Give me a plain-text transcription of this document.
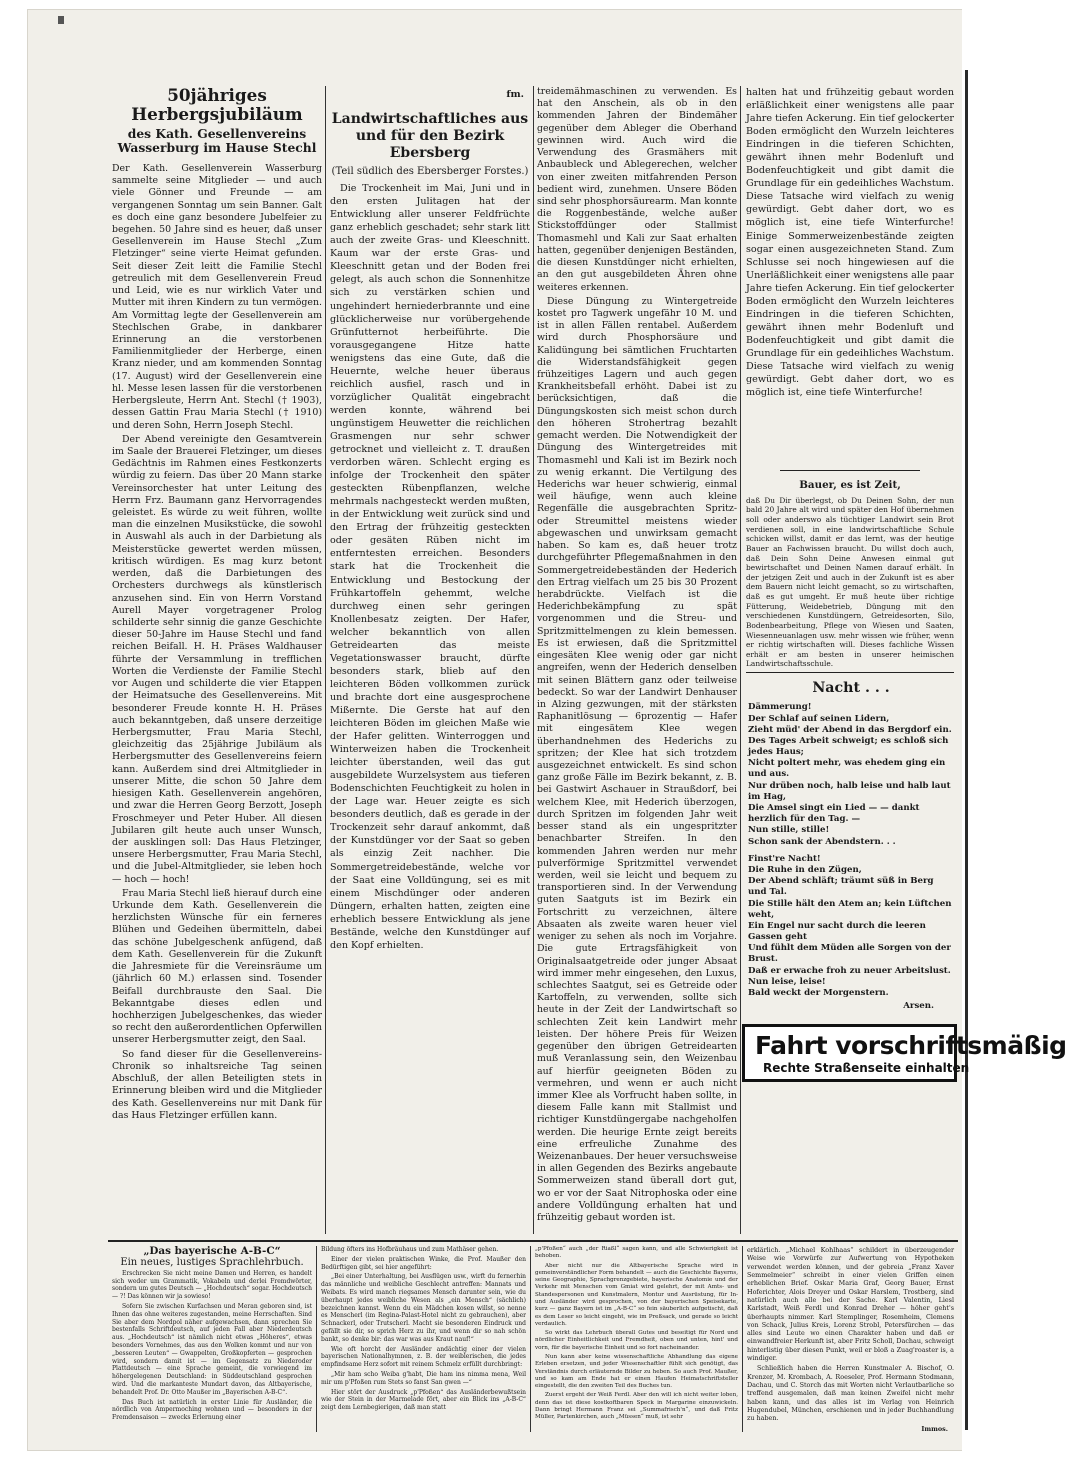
50jähriges Herbergsjubiläum
des Kath. Gesellenvereins Wasserburg im Hause Stechl

Der Kath. Gesellenverein Wasserburg sammelte seine Mitglieder — und auch viele Gönner und Freunde — am vergangenen Sonntag um sein Banner. Galt es doch eine ganz besondere Jubelfeier zu begehen. 50 Jahre sind es heuer, daß unser Gesellenverein im Hause Stechl „Zum Fletzinger“ seine vierte Heimat gefunden. Seit dieser Zeit leitt die Familie Stechl getreulich mit dem Gesellenverein Freud und Leid, wie es nur wirklich Vater und Mutter mit ihren Kindern zu tun vermögen. Am Vormittag legte der Gesellenverein am Stechlschen Grabe, in dankbarer Erinnerung an die verstorbenen Familienmitglieder der Herberge, einen Kranz nieder, und am kommenden Sonntag (17. August) wird der Gesellenverein eine hl. Messe lesen lassen für die verstorbenen Herbergsleute, Herrn Ant. Stechl († 1903), dessen Gattin Frau Maria Stechl († 1910) und deren Sohn, Herrn Joseph Stechl.

Der Abend vereinigte den Gesamtverein im Saale der Brauerei Fletzinger, um dieses Gedächtnis im Rahmen eines Festkonzerts würdig zu feiern. Das über 20 Mann starke Vereinsorchester hat unter Leitung des Herrn Frz. Baumann ganz Hervorragendes geleistet. Es würde zu weit führen, wollte man die einzelnen Musikstücke, die sowohl in Auswahl als auch in der Darbietung als Meisterstücke gewertet werden müssen, kritisch würdigen. Es mag kurz betont werden, daß die Darbietungen des Orchesters durchwegs als künstlerisch anzusehen sind. Ein von Herrn Vorstand Aurell Mayer vorgetragener Prolog schilderte sehr sinnig die ganze Geschichte dieser 50-Jahre im Hause Stechl und fand reichen Beifall. H. H. Präses Waldhauser führte der Versammlung in trefflichen Worten die Verdienste der Familie Stechl vor Augen und schilderte die vier Etappen der Heimatsuche des Gesellenvereins. Mit besonderer Freude konnte H. H. Präses auch bekanntgeben, daß unsere derzeitige Herbergsmutter, Frau Maria Stechl, gleichzeitig das 25jährige Jubiläum als Herbergsmutter des Gesellenvereins feiern kann. Außerdem sind drei Altmitglieder in unserer Mitte, die schon 50 Jahre dem hiesigen Kath. Gesellenverein angehören, und zwar die Herren Georg Berzott, Joseph Froschmeyer und Peter Huber. All diesen Jubilaren gilt heute auch unser Wunsch, der ausklingen soll: Das Haus Fletzinger, unsere Herbergsmutter, Frau Maria Stechl, und die Jubel-Altmitglieder, sie leben hoch — hoch — hoch!

Frau Maria Stechl ließ hierauf durch eine Urkunde dem Kath. Gesellenverein die herzlichsten Wünsche für ein ferneres Blühen und Gedeihen übermitteln, dabei das schöne Jubelgeschenk anfügend, daß dem Kath. Gesellenverein für die Zukunft die Jahresmiete für die Vereinsräume um (jährlich 60 M.) erlassen sind. Tosender Beifall durchbrauste den Saal. Die Bekanntgabe dieses edlen und hochherzigen Jubelgeschenkes, das wieder so recht den außerordentlichen Opferwillen unserer Herbergsmutter zeigt, den Saal.

So fand dieser für die Gesellenvereins-Chronik so inhaltsreiche Tag seinen Abschluß, der allen Beteiligten stets in Erinnerung bleiben wird und die Mitglieder des Kath. Gesellenvereins nur mit Dank für das Haus Fletzinger erfüllen kann.

fm.
Landwirtschaftliches aus und für den Bezirk Ebersberg
(Teil südlich des Ebersberger Forstes.)

Die Trockenheit im Mai, Juni und in den ersten Julitagen hat der Entwicklung aller unserer Feldfrüchte ganz erheblich geschadet; sehr stark litt auch der zweite Gras- und Kleeschnitt. Kaum war der erste Gras- und Kleeschnitt getan und der Boden frei gelegt, als auch schon die Sonnenhitze sich zu verstärken schien und ungehindert herniederbrannte und eine glücklicherweise nur vorübergehende Grünfutternot herbeiführte. Die vorausgegangene Hitze hatte wenigstens das eine Gute, daß die Heuernte, welche heuer überaus reichlich ausfiel, rasch und in vorzüglicher Qualität eingebracht werden konnte, während bei ungünstigem Heuwetter die reichlichen Grasmengen nur sehr schwer getrocknet und vielleicht z. T. draußen verdorben wären. Schlecht erging es infolge der Trockenheit den später gesteckten Rübenpflanzen, welche mehrmals nachgesteckt werden mußten, in der Entwicklung weit zurück sind und den Ertrag der frühzeitig gesteckten oder gesäten Rüben nicht im entferntesten erreichen. Besonders stark hat die Trockenheit die Entwicklung und Bestockung der Frühkartoffeln gehemmt, welche durchweg einen sehr geringen Knollenbesatz zeigten. Der Hafer, welcher bekanntlich von allen Getreidearten das meiste Vegetationswasser braucht, dürfte besonders stark, blieb auf den leichteren Böden vollkommen zurück und brachte dort eine ausgesprochene Mißernte. Die Gerste hat auf den leichteren Böden im gleichen Maße wie der Hafer gelitten. Winterroggen und Winterweizen haben die Trockenheit leichter überstanden, weil das gut ausgebildete Wurzelsystem aus tieferen Bodenschichten Feuchtigkeit zu holen in der Lage war. Heuer zeigte es sich besonders deutlich, daß es gerade in der Trockenzeit sehr darauf ankommt, daß der Kunstdünger vor der Saat so geben als einzig Zeit nachher. Die Sommergetreidebestände, welche vor der Saat eine Volldüngung, sei es mit einem Mischdünger oder anderen Düngern, erhalten hatten, zeigten eine erheblich bessere Entwicklung als jene Bestände, welche den Kunstdünger auf den Kopf erhielten.

treidemähmaschinen zu verwenden. Es hat den Anschein, als ob in den kommenden Jahren der Bindemäher gegenüber dem Ableger die Oberhand gewinnen wird. Auch wird die Verwendung des Grasmähers mit Anbaubleck und Ablegerechen, welcher von einer zweiten mitfahrenden Person bedient wird, zunehmen. Unsere Böden sind sehr phosphorsäurearm. Man konnte die Roggenbestände, welche außer Stickstoffdünger oder Stallmist Thomasmehl und Kali zur Saat erhalten hatten, gegenüber denjenigen Beständen, die diesen Kunstdünger nicht erhielten, an den gut ausgebildeten Ähren ohne weiteres erkennen.

Diese Düngung zu Wintergetreide kostet pro Tagwerk ungefähr 10 M. und ist in allen Fällen rentabel. Außerdem wird durch Phosphorsäure und Kalidüngung bei sämtlichen Fruchtarten die Widerstandsfähigkeit gegen frühzeitiges Lagern und auch gegen Krankheitsbefall erhöht. Dabei ist zu berücksichtigen, daß die Düngungskosten sich meist schon durch den höheren Strohertrag bezahlt gemacht werden. Die Notwendigkeit der Düngung des Wintergetreides mit Thomasmehl und Kali ist im Bezirk noch zu wenig erkannt. Die Vertilgung des Hederichs war heuer schwierig, einmal weil häufige, wenn auch kleine Regenfälle die ausgebrachten Spritz- oder Streumittel meistens wieder abgewaschen und unwirksam gemacht haben. So kam es, daß heuer trotz durchgeführter Pflegemaßnahmen in den Sommergetreidebeständen der Hederich den Ertrag vielfach um 25 bis 30 Prozent herabdrückte. Vielfach ist die Hederichbekämpfung zu spät vorgenommen und die Streu- und Spritzmittelmengen zu klein bemessen. Es ist erwiesen, daß die Spritzmittel eingesäten Klee wenig oder gar nicht angreifen, wenn der Hederich denselben mit seinen Blättern ganz oder teilweise bedeckt. So war der Landwirt Denhauser in Alzing gezwungen, mit der stärksten Raphanitlösung — 6prozentig — Hafer mit eingesätem Klee wegen überhandnehmen des Hederichs zu spritzen; der Klee hat sich trotzdem ausgezeichnet entwickelt. Es sind schon ganz große Fälle im Bezirk bekannt, z. B. bei Gastwirt Aschauer in Straußdorf, bei welchem Klee, mit Hederich überzogen, durch Spritzen im folgenden Jahr weit besser stand als ein ungespritzter benachbarter Streifen. In den kommenden Jahren werden nur mehr pulverförmige Spritzmittel verwendet werden, weil sie leicht und bequem zu transportieren sind. In der Verwendung guten Saatguts ist im Bezirk ein Fortschritt zu verzeichnen, ältere Absaaten als zweite waren heuer viel weniger zu sehen als noch im Vorjahre. Die gute Ertragsfähigkeit von Originalsaatgetreide oder junger Absaat wird immer mehr eingesehen, den Luxus, schlechtes Saatgut, sei es Getreide oder Kartoffeln, zu verwenden, sollte sich heute in der Zeit der Landwirtschaft so schlechten Zeit kein Landwirt mehr leisten. Der höhere Preis für Weizen gegenüber den übrigen Getreidearten muß Veranlassung sein, den Weizenbau auf hierfür geeigneten Böden zu vermehren, und wenn er auch nicht immer Klee als Vorfrucht haben sollte, in diesem Falle kann mit Stallmist und richtiger Kunstdüngergabe nachgeholfen werden. Die heurige Ernte zeigt bereits eine erfreuliche Zunahme des Weizenanbaues. Der heuer versuchsweise in allen Gegenden des Bezirks angebaute Sommerweizen stand überall dort gut, wo er vor der Saat Nitrophoska oder eine andere Volldüngung erhalten hat und frühzeitig gebaut worden ist.

halten hat und frühzeitig gebaut worden erläßlichkeit einer wenigstens alle paar Jahre tiefen Ackerung. Ein tief gelockerter Boden ermöglicht den Wurzeln leichteres Eindringen in die tieferen Schichten, gewährt ihnen mehr Bodenluft und Bodenfeuchtigkeit und gibt damit die Grundlage für ein gedeihliches Wachstum. Diese Tatsache wird vielfach zu wenig gewürdigt. Gebt daher dort, wo es möglich ist, eine tiefe Winterfurche! Einige Sommerweizenbestände zeigten sogar einen ausgezeichneten Stand. Zum Schlusse sei noch hingewiesen auf die Unerläßlichkeit einer wenigstens alle paar Jahre tiefen Ackerung. Ein tief gelockerter Boden ermöglicht den Wurzeln leichteres Eindringen in die tieferen Schichten, gewährt ihnen mehr Bodenluft und Bodenfeuchtigkeit und gibt damit die Grundlage für ein gedeihliches Wachstum. Diese Tatsache wird vielfach zu wenig gewürdigt. Gebt daher dort, wo es möglich ist, eine tiefe Winterfurche!

Bauer, es ist Zeit,

daß Du Dir überlegst, ob Du Deinen Sohn, der nun bald 20 Jahre alt wird und später den Hof übernehmen soll oder anderswo als tüchtiger Landwirt sein Brot verdienen soll, in eine landwirtschaftliche Schule schicken willst, damit er das lernt, was der heutige Bauer an Fachwissen braucht. Du willst doch auch, daß Dein Sohn Deine Anwesen einmal gut bewirtschaftet und Deinen Namen darauf erhält. In der jetzigen Zeit und auch in der Zukunft ist es aber dem Bauern nicht leicht gemacht, so zu wirtschaften, daß es gut umgeht. Er muß heute über richtige Fütterung, Weidebetrieb, Düngung mit den verschiedenen Kunstdüngern, Getreidesorten, Silo, Bodenbearbeitung, Pflege von Wiesen und Saaten, Wiesenneuanlagen usw. mehr wissen wie früher, wenn er richtig wirtschaften will. Dieses fachliche Wissen erhält er am besten in unserer heimischen Landwirtschaftsschule.

Nacht . . .
Dämmerung!
Der Schlaf auf seinen Lidern,
Zieht müd' der Abend in das Bergdorf ein.
Des Tages Arbeit schweigt; es schloß sich jedes Haus;
Nicht poltert mehr, was ehedem ging ein und aus.
Nur drüben noch, halb leise und halb laut im Hag,
Die Amsel singt ein Lied — — dankt herzlich für den Tag. —
Nun stille, stille!
Schon sank der Abendstern. . .
Finst're Nacht!
Die Ruhe in den Zügen,
Der Abend schläft; träumt süß in Berg und Tal.
Die Stille hält den Atem an; kein Lüftchen weht,
Ein Engel nur sacht durch die leeren Gassen geht
Und fühlt dem Müden alle Sorgen von der Brust.
Daß er erwache froh zu neuer Arbeitslust.
Nun leise, leise!
Bald weckt der Morgenstern.
Arsen.
Fahrt vorschriftsmäßig
Rechte Straßenseite einhalten
„Das bayerische A-B-C“
Ein neues, lustiges Sprachlehrbuch.

Erschrecken Sie nicht meine Damen und Herren, es handelt sich weder um Grammatik, Vokabeln und derlei Fremdwörter, sondern um gutes Deutsch — „Hochdeutsch“ sogar. Hochdeutsch — ?! Das können wir ja sowieso!

Sofern Sie zwischen Kurfachsen und Meran geboren sind, ist Ihnen das ohne weiteres zugestanden, meine Herrschaften. Sind Sie aber dem Nordpol näher aufgewachsen, dann sprechen Sie bestenfalls Schriftdeutsch, auf jeden Fall aber Niederdeutsch aus. „Hochdeutsch“ ist nämlich nicht etwas „Höheres“, etwas besonders Vornehmes, das aus den Wolken kommt und nur von „besseren Leuten“ — Gwappelten, Großkopferten — gesprochen wird, sondern damit ist — im Gegensatz zu Niederoder Plattdeutsch — eine Sprache gemeint, die vorwiegend im höhergelegenen Deutschland: in Süddeutschland gesprochen wird. Und die markanteste Mundart davon, das Altbayerische, behandelt Prof. Dr. Otto Maußer im „Bayerischen A-B-C“.

Das Buch ist natürlich in erster Linie für Ausländer, die nördlich von Ampermoching wohnen und — besonders in der Fremdensaison — zwecks Erlernung einer

Bildung öfters ins Hofbräuhaus und zum Mathäser gehen.

Einer der vielen praktischen Winke, die Prof. Maußer den Bedürftigen gibt, sei hier angeführt:

„Bei einer Unterhaltung, bei Ausflügen usw., wirft du fernerhin das männliche und weibliche Geschlecht antreffen: Mannats und Weibats. Es wird manch riegsames Mensch darunter sein, wie du überhaupt jedes weibliche Wesen als „ein Mensch“ (sächlich) bezeichnen kannst. Wenn du ein Mädchen kosen willst, so nenne es Menscherl (im Regina-Palast-Hotel nicht zu gebrauchen), aber Schnackerl, oder Trutscherl. Macht sie besonderen Eindruck und gefällt sie dir, so sprich Herz zu ihr, und wenn dir so nah schön bankt, so denke bir: das war was aus Kraut nauf!“

Wie oft horcht der Ausländer andächtig einer der vielen bayerischen Nationalhymnen, z. B. der weiblerischen, die jedes empfindsame Herz sofort mit reinem Schmelz erfüllt durchbringt:

„Mir ham scho Weiba g'habt, Die ham ins nimma mena, Weil mir um p'Pfoßen rum Stets so fanst San gwen —“

Hier stört der Ausdruck „p'Pfoßen“ das Ausländerbewußtsein wie der Stein in der Marmelade fört, aber ein Blick ins „A-B-C“ zeigt dem Lernbegierigen, daß man statt

„p'Pfoßen“ auch „der Riaßl“ sagen kann, und alle Schwierigkeit ist behoben.

Aber nicht nur die Altbayerische Sprache wird in gemeinverständlicher Form behandelt — auch die Geschichte Bayerns, seine Geographie, Sprachgrenzgebiete, bayerische Anatomie und der Verkehr mit Menschen vom Gmiat wird gelehrt, der mit Amts- und Standespersonen und Kunstmalern, Montur und Ausrüstung, für In- und Ausländer wird gesprochen, von der bayerischen Speisekarte, kurz — ganz Bayern ist im „A-B-C“ so fein säuberlich aufgetischt, daß es dem Leser so leicht eingeht, wie im Preßsack, und gerade so leicht verdaulich.

So wirkt das Lehrbuch überall Gutes und beseitigt für Nord und nördlicher Einheitlichkeit und Fremdheit, oben und unten, hint' und vorn, für die bayerische Einheit und so fort nacheinander.

Nun kann aber keine wissenschaftliche Abhandlung das eigene Erleben ersetzen, und jeder Wissenschaftler fühlt sich genötigt, das Verständnis durch erläuternde Bilder zu heben. So auch Prof. Maußer, und so kam am Ende hat er einen Haufen Heimatschriftsteller eingestellt, die den zweiten Teil des Buches tun.

Zuerst ergeht der Weiß Ferdl. Aber den will ich nicht weiter loben, denn das ist diese kostkoftbaren Speck in Margarine einzuwickeln. Dann bringt Hermann Franz sei „Summafrisch'n“, und daß Fritz Müller, Partenkirchen, auch „Müssen“ muß, ist sehr

erklärlich. „Michael Kohlhaas“ schildert in überzeugender Weise wie Vorwürfe zur Aufwertung von Hypotheken verwendet werden können, und der gebreia „Franz Xaver Semmelmeier“ schreibt in einer vielen Griffen einen erheblichen Brief. Oskar Maria Graf, Georg Bauer, Ernst Hoferichter, Alois Dreyer und Oskar Harslem, Trostberg, sind natürlich auch alle bei der Sache. Karl Valentin, Liesl Karlstadt, Weiß Ferdl und Konrad Dreher — höher geht's überhaupts nimmer. Karl Stemplinger, Rosemheim, Clemens von Schack, Julius Kreis, Lorenz Strobl, Petersfürchen — das alles sind Leute wo einen Charakter haben und daß er einwandfreier Herkunft ist, aber Fritz Scholl, Dachau, schweigt hinterlistig über diesen Punkt, weil er bloß a Zuag'roaster is, a windiger.

Schließlich haben die Herren Kunstmaler A. Bischof, O. Krenzer, M. Krombach, A. Roeseler, Prof. Hermann Stodmann, Dachau, und C. Storch das mit Worten nicht Verlautbarliche so treffend ausgemalen, daß man keinen Zweifel nicht mehr haben kann, und das alles ist im Verlag von Heinrich Hugendubel, München, erschienen und in jeder Buchhandlung zu haben.

Immos.
